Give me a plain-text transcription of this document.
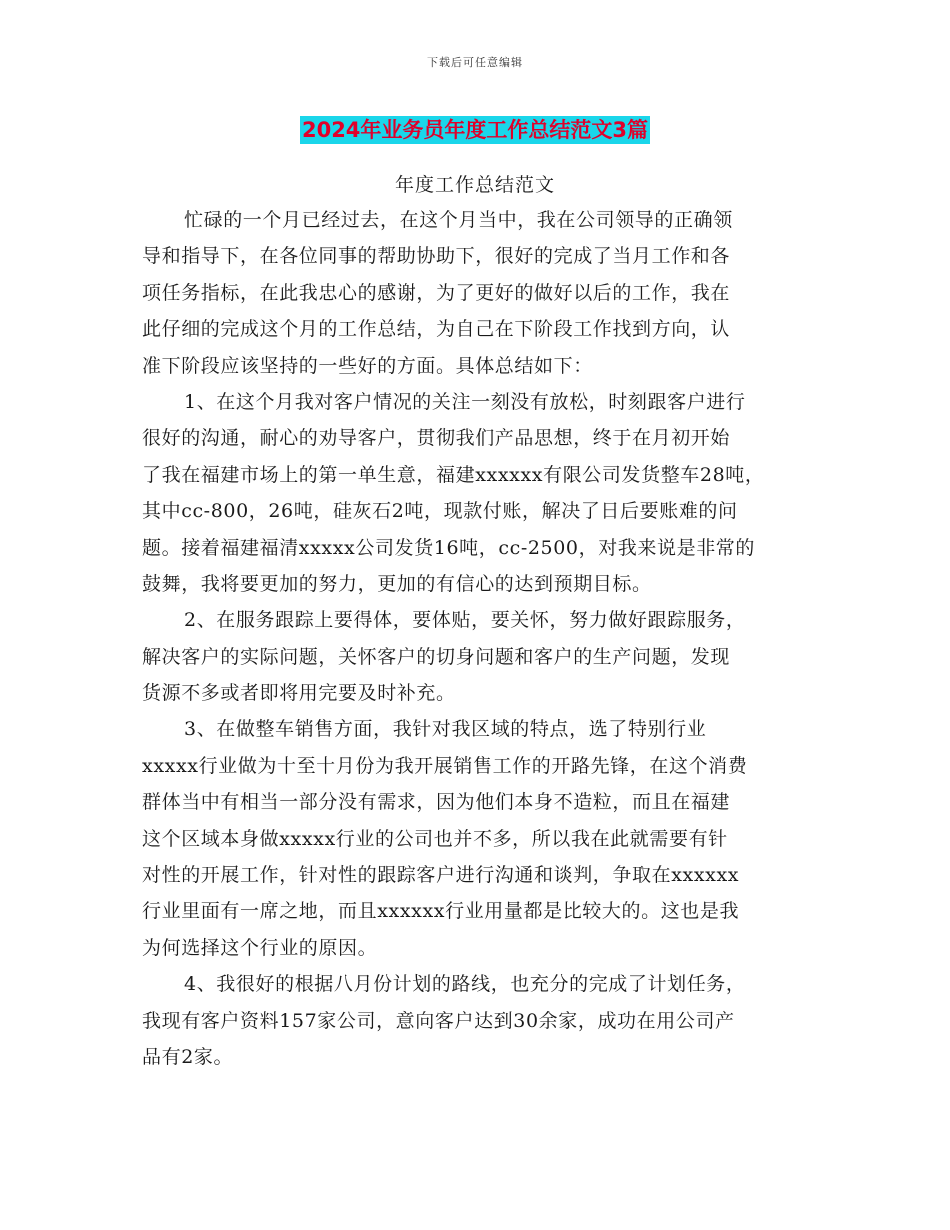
下载后可任意编辑
2024年业务员年度工作总结范文3篇
年度工作总结范文
忙碌的一个月已经过去，在这个月当中，我在公司领导的正确领
导和指导下，在各位同事的帮助协助下，很好的完成了当月工作和各
项任务指标，在此我忠心的感谢，为了更好的做好以后的工作，我在
此仔细的完成这个月的工作总结，为自己在下阶段工作找到方向，认
准下阶段应该坚持的一些好的方面。具体总结如下：
1、在这个月我对客户情况的关注一刻没有放松，时刻跟客户进行
很好的沟通，耐心的劝导客户，贯彻我们产品思想，终于在月初开始
了我在福建市场上的第一单生意，福建xxxxxx有限公司发货整车28吨，
其中cc-800，26吨，硅灰石2吨，现款付账，解决了日后要账难的问
题。接着福建福清xxxxx公司发货16吨，cc-2500，对我来说是非常的
鼓舞，我将要更加的努力，更加的有信心的达到预期目标。
2、在服务跟踪上要得体，要体贴，要关怀，努力做好跟踪服务，
解决客户的实际问题，关怀客户的切身问题和客户的生产问题，发现
货源不多或者即将用完要及时补充。
3、在做整车销售方面，我针对我区域的特点，选了特别行业
xxxxx行业做为十至十月份为我开展销售工作的开路先锋，在这个消费
群体当中有相当一部分没有需求，因为他们本身不造粒，而且在福建
这个区域本身做xxxxx行业的公司也并不多，所以我在此就需要有针
对性的开展工作，针对性的跟踪客户进行沟通和谈判，争取在xxxxxx
行业里面有一席之地，而且xxxxxx行业用量都是比较大的。这也是我
为何选择这个行业的原因。
4、我很好的根据八月份计划的路线，也充分的完成了计划任务，
我现有客户资料157家公司，意向客户达到30余家，成功在用公司产
品有2家。
